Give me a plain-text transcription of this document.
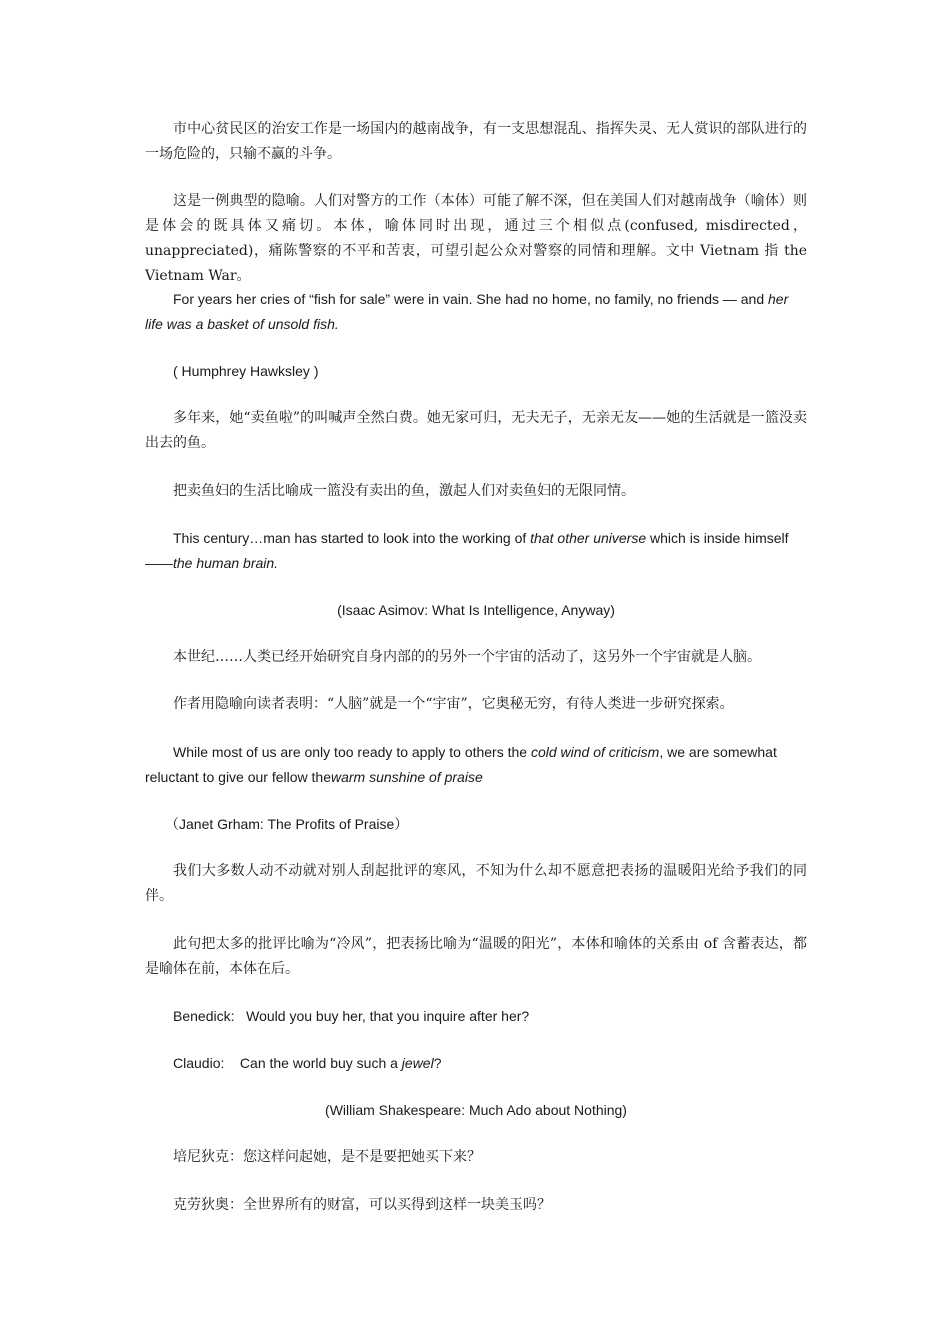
市中心贫民区的治安工作是一场国内的越南战争，有一支思想混乱、指挥失灵、无人赏识的部队进行的一场危险的，只输不赢的斗争。

这是一例典型的隐喻。人们对警方的工作（本体）可能了解不深，但在美国人们对越南战争（喻体）则是体会的既具体又痛切。本体，喻体同时出现，通过三个相似点(confused, misdirected，unappreciated)，痛陈警察的不平和苦衷，可望引起公众对警察的同情和理解。文中 Vietnam 指 the Vietnam War。

For years her cries of “fish for sale” were in vain. She had no home, no family, no friends — and her life was a basket of unsold fish.

( Humphrey Hawksley )

多年来，她“卖鱼啦”的叫喊声全然白费。她无家可归，无夫无子，无亲无友——她的生活就是一篮没卖出去的鱼。

把卖鱼妇的生活比喻成一篮没有卖出的鱼，激起人们对卖鱼妇的无限同情。

This century…man has started to look into the working of that other universe which is inside himself ——the human brain.

(Isaac Asimov: What Is Intelligence, Anyway)

本世纪……人类已经开始研究自身内部的的另外一个宇宙的活动了，这另外一个宇宙就是人脑。

作者用隐喻向读者表明：“人脑”就是一个“宇宙”，它奥秘无穷，有待人类进一步研究探索。

While most of us are only too ready to apply to others the cold wind of criticism, we are somewhat reluctant to give our fellow thewarm sunshine of praise

（Janet Grham: The Profits of Praise）

我们大多数人动不动就对别人刮起批评的寒风，不知为什么却不愿意把表扬的温暖阳光给予我们的同伴。

此句把太多的批评比喻为“冷风”，把表扬比喻为“温暖的阳光”，本体和喻体的关系由 of 含蓄表达，都是喻体在前，本体在后。

Benedick:   Would you buy her, that you inquire after her?

Claudio:    Can the world buy such a jewel?

(William Shakespeare: Much Ado about Nothing)

培尼狄克：您这样问起她，是不是要把她买下来？

克劳狄奥：全世界所有的财富，可以买得到这样一块美玉吗？
